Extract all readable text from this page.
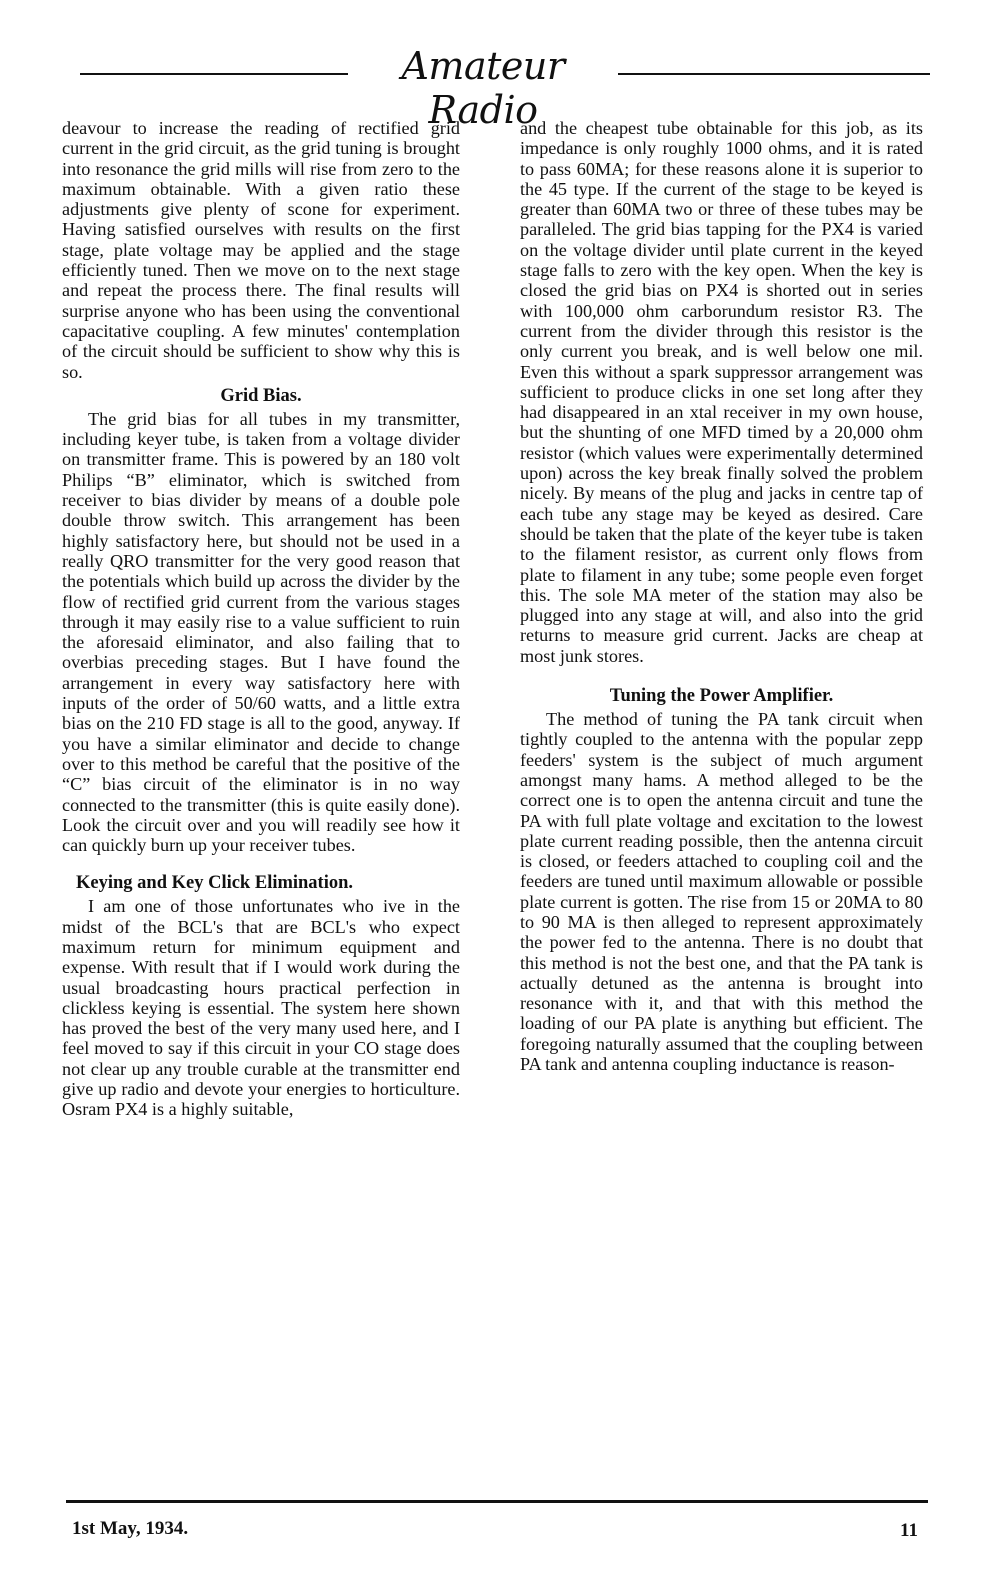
Amateur Radio

deavour to increase the reading of rectified grid current in the grid circuit, as the grid tuning is brought into resonance the grid mills will rise from zero to the maximum obtainable. With a given ratio these adjustments give plenty of scone for experiment. Having satisfied ourselves with results on the first stage, plate voltage may be applied and the stage efficiently tuned. Then we move on to the next stage and repeat the process there. The final results will surprise anyone who has been using the conventional capacitative coupling. A few minutes' contemplation of the circuit should be sufficient to show why this is so.

Grid Bias.

The grid bias for all tubes in my transmitter, including keyer tube, is taken from a voltage divider on transmitter frame. This is powered by an 180 volt Philips “B” eliminator, which is switched from receiver to bias divider by means of a double pole double throw switch. This arrangement has been highly satisfactory here, but should not be used in a really QRO transmitter for the very good reason that the potentials which build up across the divider by the flow of rectified grid current from the various stages through it may easily rise to a value sufficient to ruin the aforesaid eliminator, and also failing that to overbias preceding stages. But I have found the arrangement in every way satisfactory here with inputs of the order of 50/60 watts, and a little extra bias on the 210 FD stage is all to the good, anyway. If you have a similar eliminator and decide to change over to this method be careful that the positive of the “C” bias circuit of the eliminator is in no way connected to the transmitter (this is quite easily done). Look the circuit over and you will readily see how it can quickly burn up your receiver tubes.

Keying and Key Click Elimination.

I am one of those unfortunates who ive in the midst of the BCL's that are BCL's who expect maximum return for minimum equipment and expense. With result that if I would work during the usual broadcasting hours practical perfection in clickless keying is essential. The system here shown has proved the best of the very many used here, and I feel moved to say if this circuit in your CO stage does not clear up any trouble curable at the transmitter end give up radio and devote your energies to horticulture. Osram PX4 is a highly suitable,

and the cheapest tube obtainable for this job, as its impedance is only roughly 1000 ohms, and it is rated to pass 60MA; for these reasons alone it is superior to the 45 type. If the current of the stage to be keyed is greater than 60MA two or three of these tubes may be paralleled. The grid bias tapping for the PX4 is varied on the voltage divider until plate current in the keyed stage falls to zero with the key open. When the key is closed the grid bias on PX4 is shorted out in series with 100,000 ohm carborundum resistor R3. The current from the divider through this resistor is the only current you break, and is well below one mil. Even this without a spark suppressor arrangement was sufficient to produce clicks in one set long after they had disappeared in an xtal receiver in my own house, but the shunting of one MFD timed by a 20,000 ohm resistor (which values were experimentally determined upon) across the key break finally solved the problem nicely. By means of the plug and jacks in centre tap of each tube any stage may be keyed as desired. Care should be taken that the plate of the keyer tube is taken to the filament resistor, as current only flows from plate to filament in any tube; some people even forget this. The sole MA meter of the station may also be plugged into any stage at will, and also into the grid returns to measure grid current. Jacks are cheap at most junk stores.

Tuning the Power Amplifier.

The method of tuning the PA tank circuit when tightly coupled to the antenna with the popular zepp feeders' system is the subject of much argument amongst many hams. A method alleged to be the correct one is to open the antenna circuit and tune the PA with full plate voltage and excitation to the lowest plate current reading possible, then the antenna circuit is closed, or feeders attached to coupling coil and the feeders are tuned until maximum allowable or possible plate current is gotten. The rise from 15 or 20MA to 80 to 90 MA is then alleged to represent approximately the power fed to the antenna. There is no doubt that this method is not the best one, and that the PA tank is actually detuned as the antenna is brought into resonance with it, and that with this method the loading of our PA plate is anything but efficient. The foregoing naturally assumed that the coupling between PA tank and antenna coupling inductance is reason-

1st May, 1934.	11
